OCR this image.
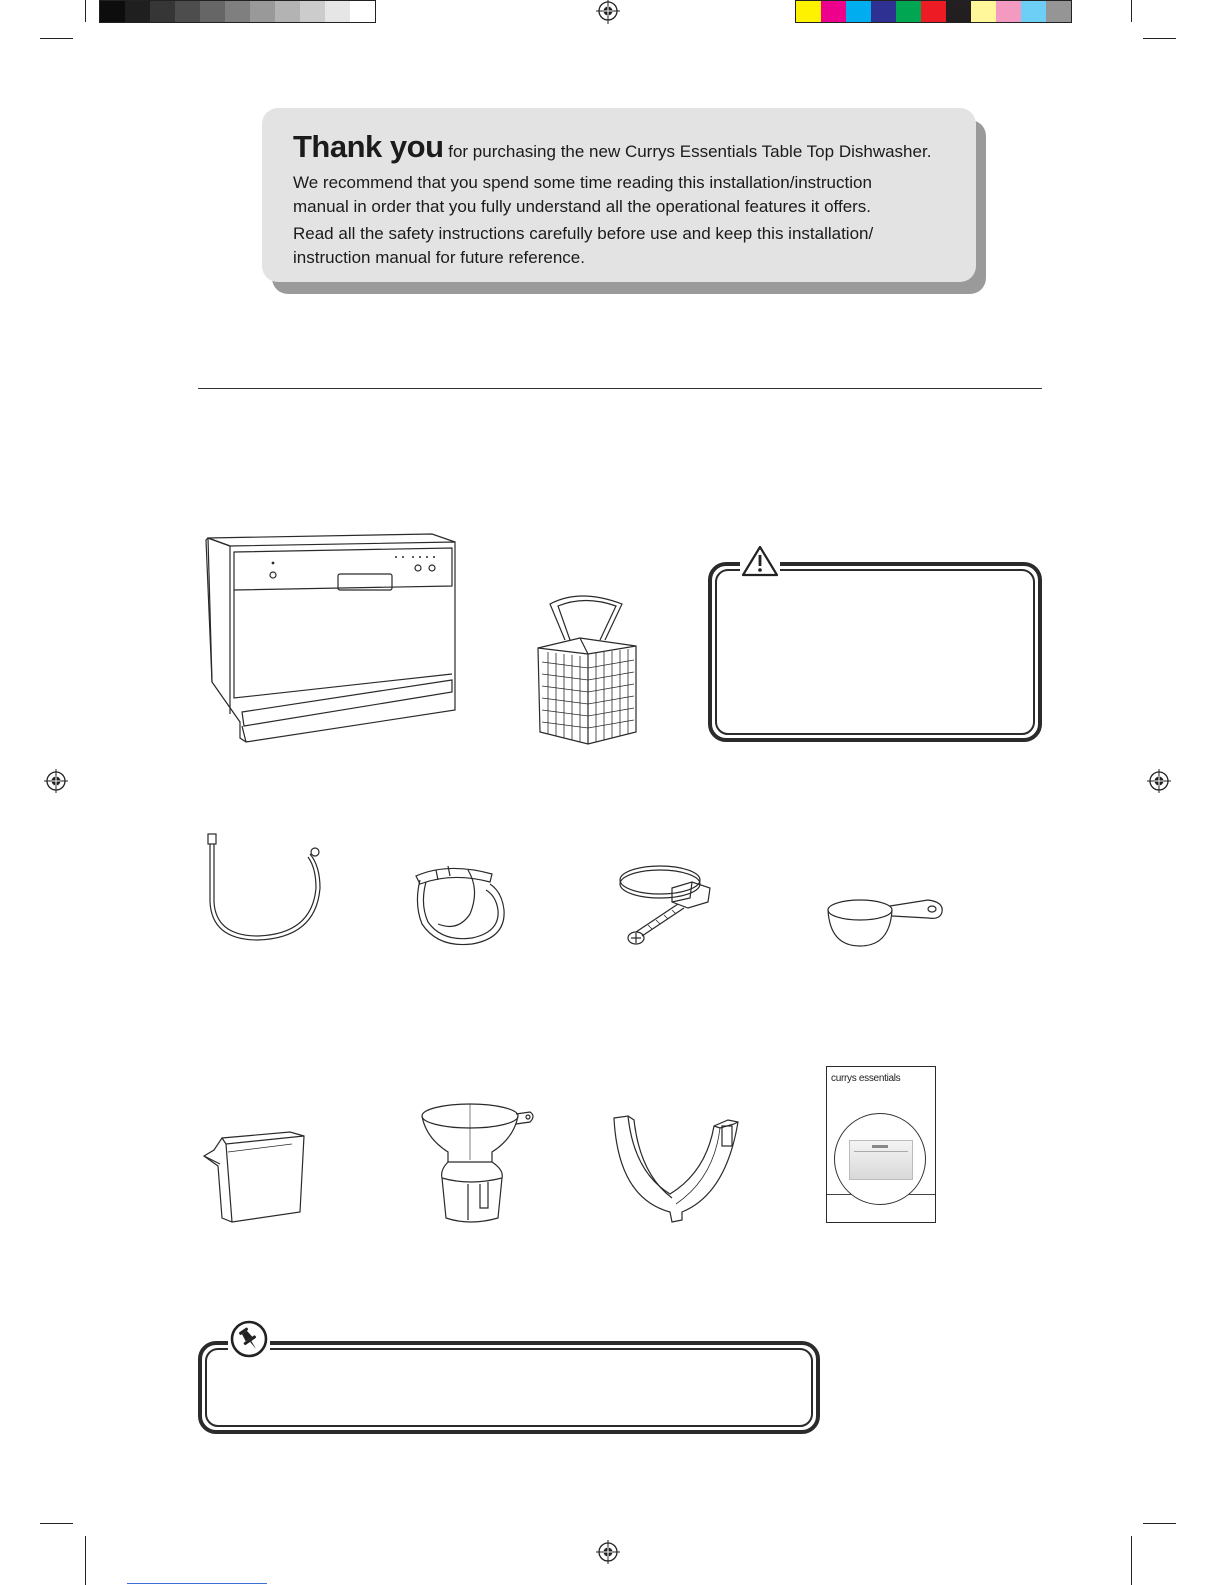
Thank you for purchasing the new Currys Essentials Table Top Dishwasher.
We recommend that you spend some time reading this installation/instruction
manual in order that you fully understand all the operational features it offers.
Read all the safety instructions carefully before use and keep this installation/
instruction manual for future reference.
currys essentials
